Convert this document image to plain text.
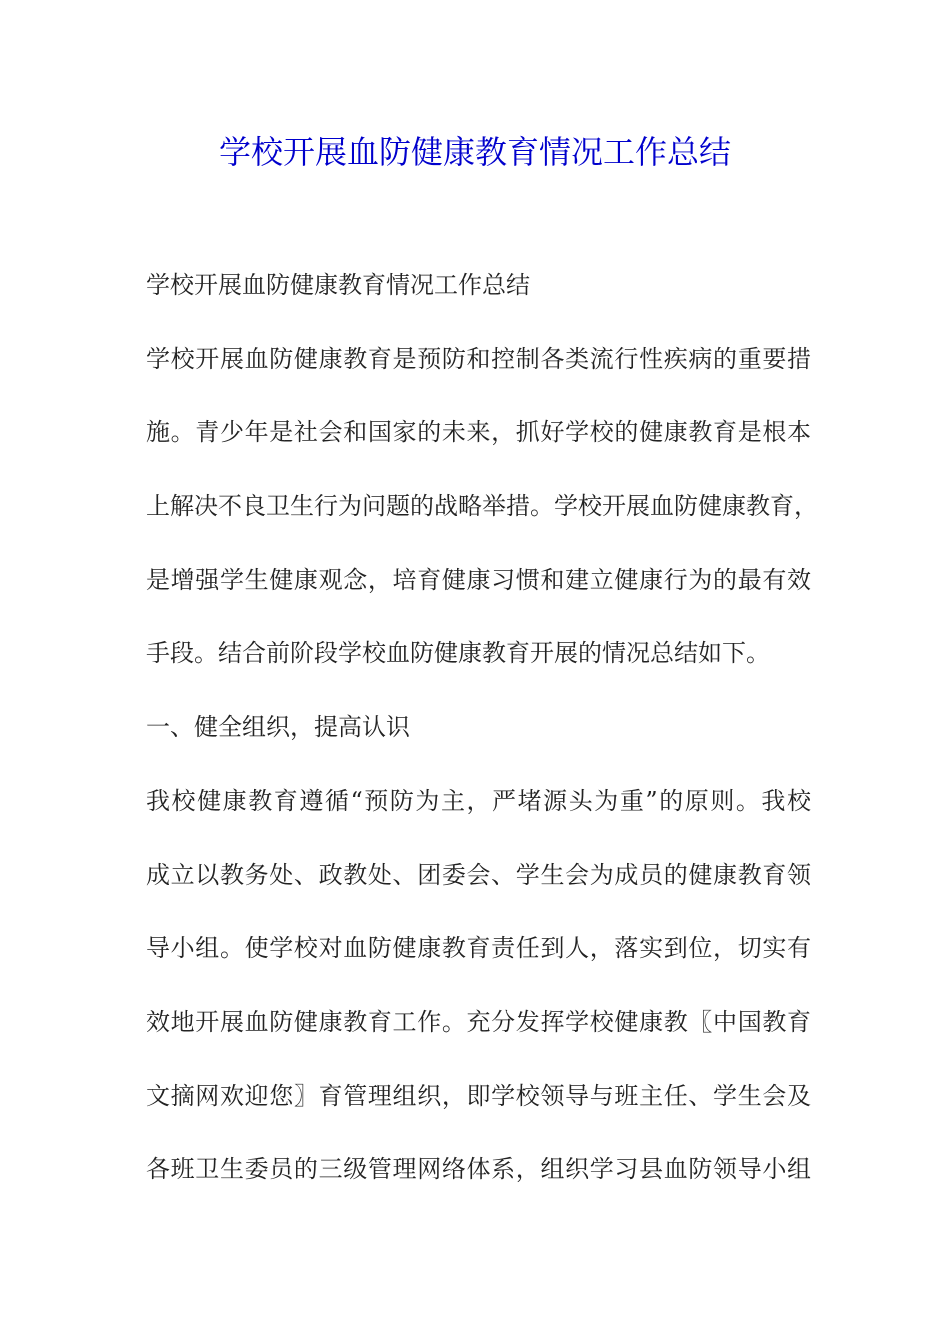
学校开展血防健康教育情况工作总结
学校开展血防健康教育情况工作总结
学校开展血防健康教育是预防和控制各类流行性疾病的重要措
施。青少年是社会和国家的未来，抓好学校的健康教育是根本
上解决不良卫生行为问题的战略举措。学校开展血防健康教育，
是增强学生健康观念，培育健康习惯和建立健康行为的最有效
手段。结合前阶段学校血防健康教育开展的情况总结如下。
一、健全组织，提高认识
我校健康教育遵循“预防为主，严堵源头为重”的原则。我校
成立以教务处、政教处、团委会、学生会为成员的健康教育领
导小组。使学校对血防健康教育责任到人，落实到位，切实有
效地开展血防健康教育工作。充分发挥学校健康教〖中国教育
文摘网欢迎您〗育管理组织，即学校领导与班主任、学生会及
各班卫生委员的三级管理网络体系，组织学习县血防领导小组
